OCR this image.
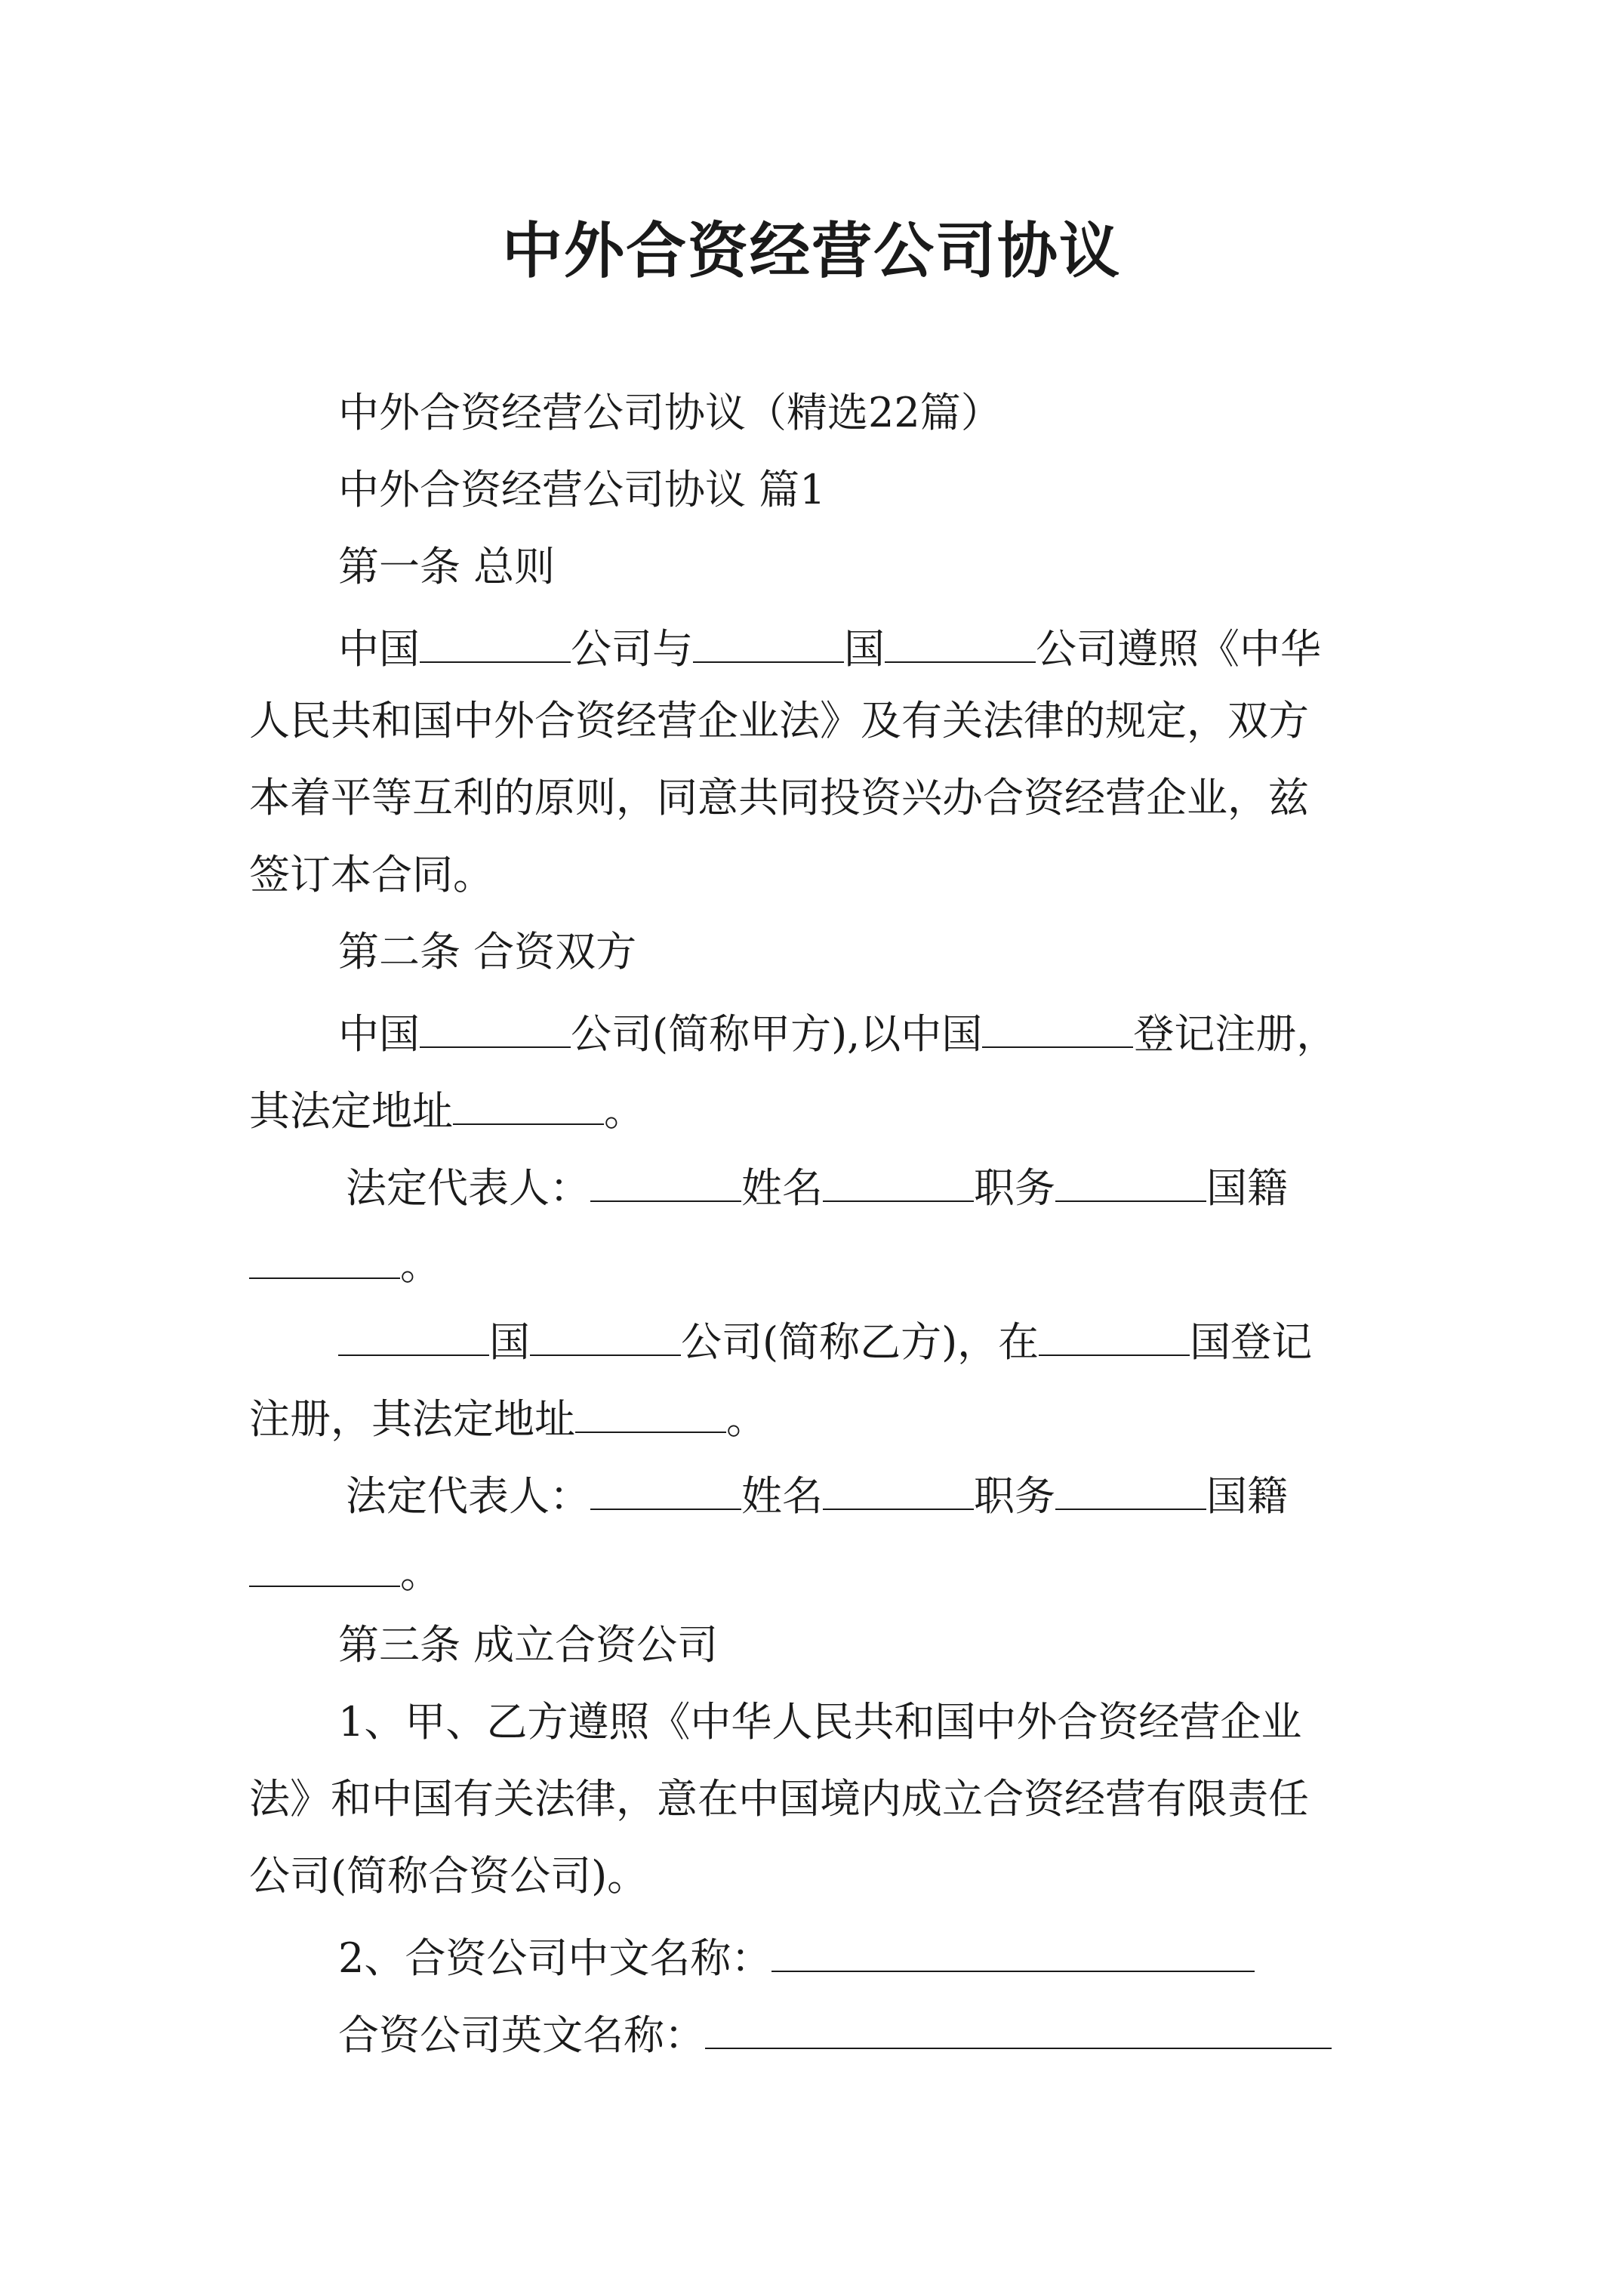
中外合资经营公司协议
中外合资经营公司协议（精选22篇）
中外合资经营公司协议 篇1
第一条 总则
中国	公司与	国	公司遵照《中华
人民共和国中外合资经营企业法》及有关法律的规定，双方
本着平等互利的原则，同意共同投资兴办合资经营企业，兹
签订本合同。
第二条 合资双方
中国	公司(简称甲方),以中国	登记注册，
其法定地址	。
法定代表人：	姓名	职务	国籍
。
国	公司(简称乙方)，在	国登记
注册，其法定地址	。
法定代表人：	姓名	职务	国籍
。
第三条 成立合资公司
1、甲、乙方遵照《中华人民共和国中外合资经营企业
法》和中国有关法律，意在中国境内成立合资经营有限责任
公司(简称合资公司)。
2、合资公司中文名称：
合资公司英文名称：
